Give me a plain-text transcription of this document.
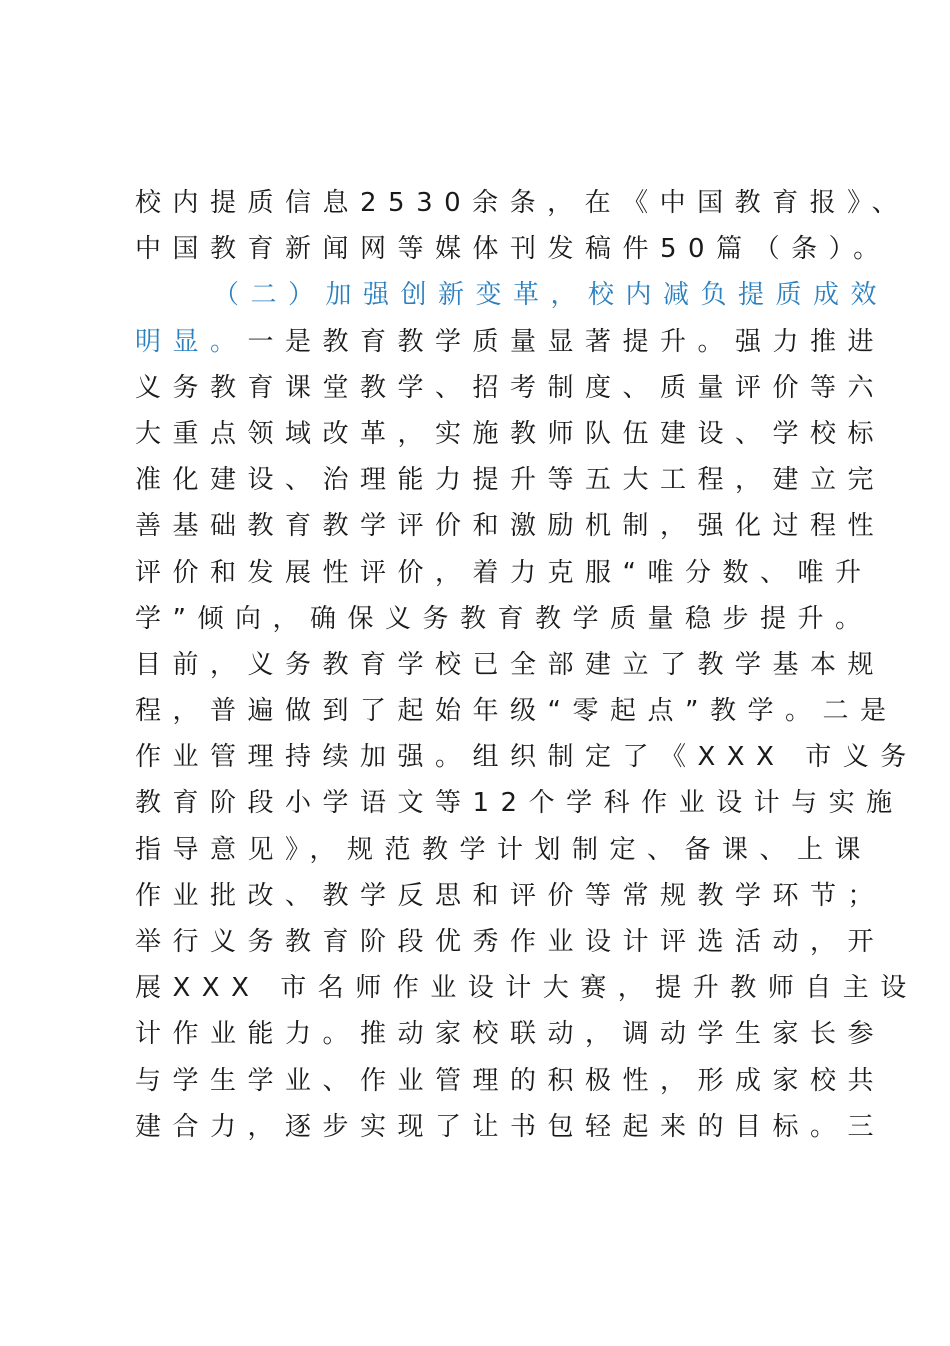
校内提质信息2530余条，在《中国教育报》、
中国教育新闻网等媒体刊发稿件50篇（条）。
（二）加强创新变革，校内减负提质成效
明显。一是教育教学质量显著提升。强力推进
义务教育课堂教学、招考制度、质量评价等六
大重点领域改革，实施教师队伍建设、学校标
准化建设、治理能力提升等五大工程，建立完
善基础教育教学评价和激励机制，强化过程性
评价和发展性评价，着力克服“唯分数、唯升
学”倾向，确保义务教育教学质量稳步提升。
目前，义务教育学校已全部建立了教学基本规
程，普遍做到了起始年级“零起点”教学。二是
作业管理持续加强。组织制定了《XXX 市义务
教育阶段小学语文等12个学科作业设计与实施
指导意见》，规范教学计划制定、备课、上课
作业批改、教学反思和评价等常规教学环节；
举行义务教育阶段优秀作业设计评选活动，开
展XXX 市名师作业设计大赛，提升教师自主设
计作业能力。推动家校联动，调动学生家长参
与学生学业、作业管理的积极性，形成家校共
建合力，逐步实现了让书包轻起来的目标。三
